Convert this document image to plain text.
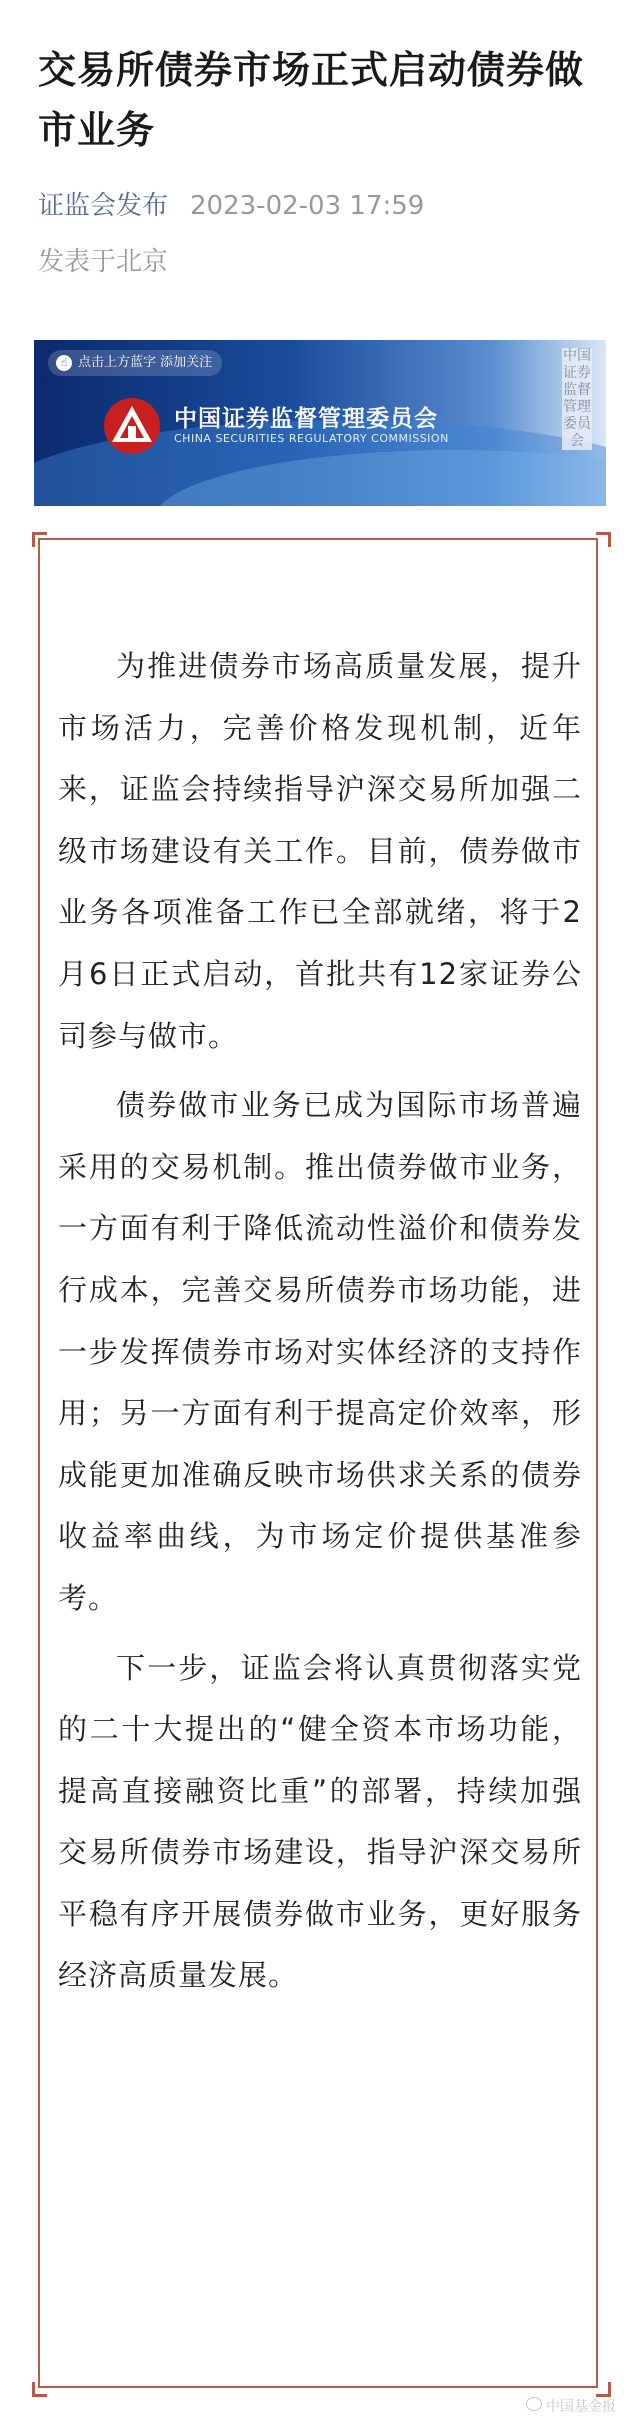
交易所债券市场正式启动债券做市业务
证监会发布 2023-02-03 17:59
发表于北京
☝ 点击上方蓝字 添加关注
中国证券监督管理委员会
CHINA SECURITIES REGULATORY COMMISSION
中国证券监督管理委员会

为推进债券市场高质量发展，提升市场活力，完善价格发现机制，近年来，证监会持续指导沪深交易所加强二级市场建设有关工作。目前，债券做市业务各项准备工作已全部就绪，将于2月6日正式启动，首批共有12家证券公司参与做市。

债券做市业务已成为国际市场普遍采用的交易机制。推出债券做市业务，一方面有利于降低流动性溢价和债券发行成本，完善交易所债券市场功能，进一步发挥债券市场对实体经济的支持作用；另一方面有利于提高定价效率，形成能更加准确反映市场供求关系的债券收益率曲线，为市场定价提供基准参考。

下一步，证监会将认真贯彻落实党的二十大提出的“健全资本市场功能，提高直接融资比重”的部署，持续加强交易所债券市场建设，指导沪深交易所平稳有序开展债券做市业务，更好服务经济高质量发展。

中国基金报
